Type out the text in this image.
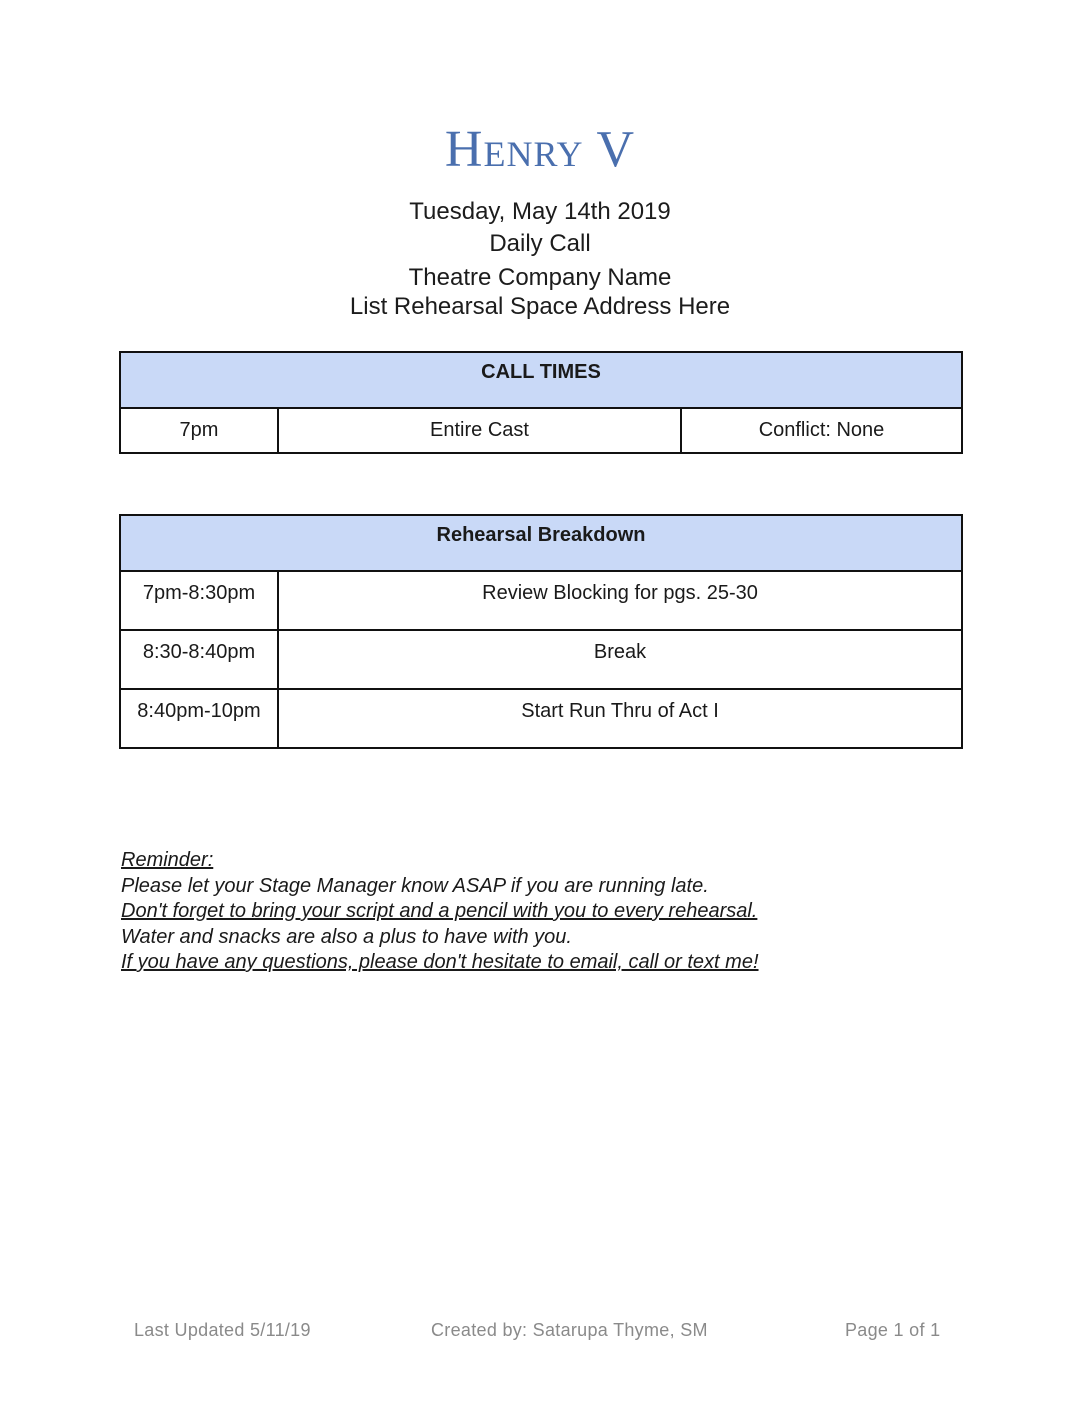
Henry V
Tuesday, May 14th 2019
Daily Call
Theatre Company Name
List Rehearsal Space Address Here
CALL TIMES
7pm	Entire Cast	Conflict: None
Rehearsal Breakdown	
7pm-8:30pm	Review Blocking for pgs. 25-30
8:30-8:40pm	Break
8:40pm-10pm	Start Run Thru of Act I
Reminder:
Please let your Stage Manager know ASAP if you are running late.
Don't forget to bring your script and a pencil with you to every rehearsal.
Water and snacks are also a plus to have with you.
If you have any questions, please don't hesitate to email, call or text me!
Last Updated 5/11/19	Created by: Satarupa Thyme, SM	Page 1 of 1
